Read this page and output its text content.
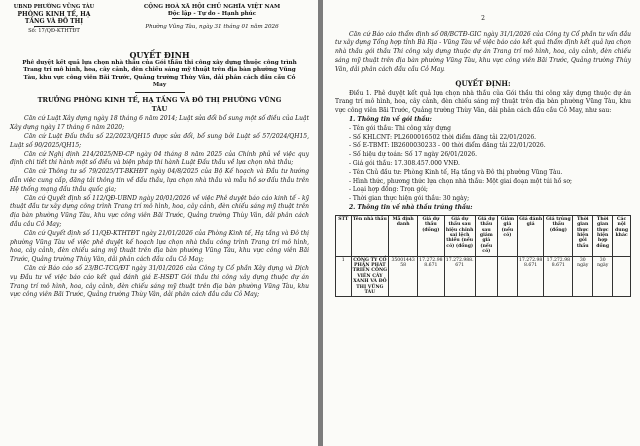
UBND PHƯỜNG VŨNG TÀU
PHÒNG KINH TẾ, HẠ TẦNG VÀ ĐÔ THỊ
Số: 17/QĐ-KTHTĐT
CỘNG HOÀ XÃ HỘI CHỦ NGHĨA VIỆT NAM
Độc lập - Tự do - Hạnh phúc
Phường Vũng Tàu, ngày 31 tháng 01 năm 2026
QUYẾT ĐỊNH
Phê duyệt kết quả lựa chọn nhà thầu của Gói thầu thi công xây dựng thuộc công trình Trang trí mô hình, hoa, cây cảnh, đèn chiếu sáng mỹ thuật trên địa bàn phường Vũng Tàu, khu vực công viên Bãi Trước, Quảng trường Thùy Vân, dải phân cách đầu cầu Cỏ May
TRƯỞNG PHÒNG KINH TẾ, HẠ TẦNG VÀ ĐÔ THỊ PHƯỜNG VŨNG TÀU

Căn cứ Luật Xây dựng ngày 18 tháng 6 năm 2014; Luật sửa đổi bổ sung một số điều của Luật Xây dựng ngày 17 tháng 6 năm 2020;

Căn cứ Luật Đấu thầu số 22/2023/QH15 được sửa đổi, bổ sung bởi Luật số 57/2024/QH15, Luật số 90/2025/QH15;

Căn cứ Nghị định 214/2025/NĐ-CP ngày 04 tháng 8 năm 2025 của Chính phủ về việc quy định chi tiết thi hành một số điều và biện pháp thi hành Luật Đấu thầu về lựa chọn nhà thầu;

Căn cứ Thông tư số 79/2025/TT-BKHĐT ngày 04/8/2025 của Bộ Kế hoạch và Đầu tư hướng dẫn việc cung cấp, đăng tải thông tin về đấu thầu, lựa chọn nhà thầu và mẫu hồ sơ đấu thầu trên Hệ thống mạng đấu thầu quốc gia;

Căn cứ Quyết định số 112/QĐ-UBND ngày 20/01/2026 về việc Phê duyệt báo cáo kinh tế - kỹ thuật đầu tư xây dựng công trình Trang trí mô hình, hoa, cây cảnh, đèn chiếu sáng mỹ thuật trên địa bàn phường Vũng Tàu, khu vực công viên Bãi Trước, Quảng trường Thùy Vân, dải phân cách đầu cầu Cỏ May;

Căn cứ Quyết định số 11/QĐ-KTHTĐT ngày 21/01/2026 của Phòng Kinh tế, Hạ tầng và Đô thị phường Vũng Tàu về việc phê duyệt kế hoạch lựa chọn nhà thầu công trình Trang trí mô hình, hoa, cây cảnh, đèn chiếu sáng mỹ thuật trên địa bàn phường Vũng Tàu, khu vực công viên Bãi Trước, Quảng trường Thùy Vân, dải phân cách đầu cầu Cỏ May;

Căn cứ Báo cáo số 23/BC-TCG/ĐT ngày 31/01/2026 của Công ty Cổ phần Xây dựng và Dịch vụ Đầu tư về việc báo cáo kết quả đánh giá E-HSĐT Gói thầu thi công xây dựng thuộc dự án Trang trí mô hình, hoa, cây cảnh, đèn chiếu sáng mỹ thuật trên địa bàn phường Vũng Tàu, khu vực công viên Bãi Trước, Quảng trường Thùy Vân, dải phân cách đầu cầu Cỏ May;

2

Căn cứ Báo cáo thẩm định số 08/BCTĐ-GIC ngày 31/1/2026 của Công ty Cổ phần tư vấn đầu tư xây dựng Tổng hợp tỉnh Bà Rịa - Vũng Tàu về việc báo cáo kết quả thẩm định kết quả lựa chọn nhà thầu gói thầu Thi công xây dựng thuộc dự án Trang trí mô hình, hoa, cây cảnh, đèn chiếu sáng mỹ thuật trên địa bàn phường Vũng Tàu, khu vực công viên Bãi Trước, Quảng trường Thùy Vân, dải phân cách đầu cầu Cỏ May.

QUYẾT ĐỊNH:

Điều 1. Phê duyệt kết quả lựa chọn nhà thầu của Gói thầu thi công xây dựng thuộc dự án Trang trí mô hình, hoa, cây cảnh, đèn chiếu sáng mỹ thuật trên địa bàn phường Vũng Tàu, khu vực công viên Bãi Trước, Quảng trường Thùy Vân, dải phân cách đầu cầu Cỏ May, như sau:

1. Thông tin về gói thầu:
- Tên gói thầu: Thi công xây dựng
- Số KHLCNT: PL2600016502 thời điểm đăng tải 22/01/2026.
- Số E-TBMT: IB2600030233 - 00 thời điểm đăng tải 22/01/2026.
- Số hiệu dự toán: Số 17 ngày 26/01/2026.
- Giá gói thầu: 17.308.457.000 VNĐ.
- Tên Chủ đầu tư: Phòng Kinh tế, Hạ tầng và Đô thị phường Vũng Tàu.
- Hình thức, phương thức lựa chọn nhà thầu: Một giai đoạn một túi hồ sơ;
- Loại hợp đồng: Trọn gói;
- Thời gian thực hiện gói thầu: 30 ngày;
2. Thông tin về nhà thầu trúng thầu:
STT	Tên nhà thầu	Mã định danh	Giá dự thầu (đồng)	Giá dự thầu sau hiệu chỉnh sai lệch thiếu (nếu có) (đồng)	Giá dự thầu sau giảm giá (nếu có)	Giảm giá (nếu có)	Giá đánh giá	Giá trúng thầu (đồng)	Thời gian thực hiện gói thầu	Thời gian thực hiện hợp đồng	Các nội dung khác
1	CÔNG TY CỔ PHẦN PHÁT TRIỂN CÔNG VIÊN CÂY XANH VÀ ĐÔ THỊ VŨNG TÀU	3500144358	17.272.988.671	17.272.988.671			17.272.988.671	17.272.988.671	30 ngày	30 ngày	
